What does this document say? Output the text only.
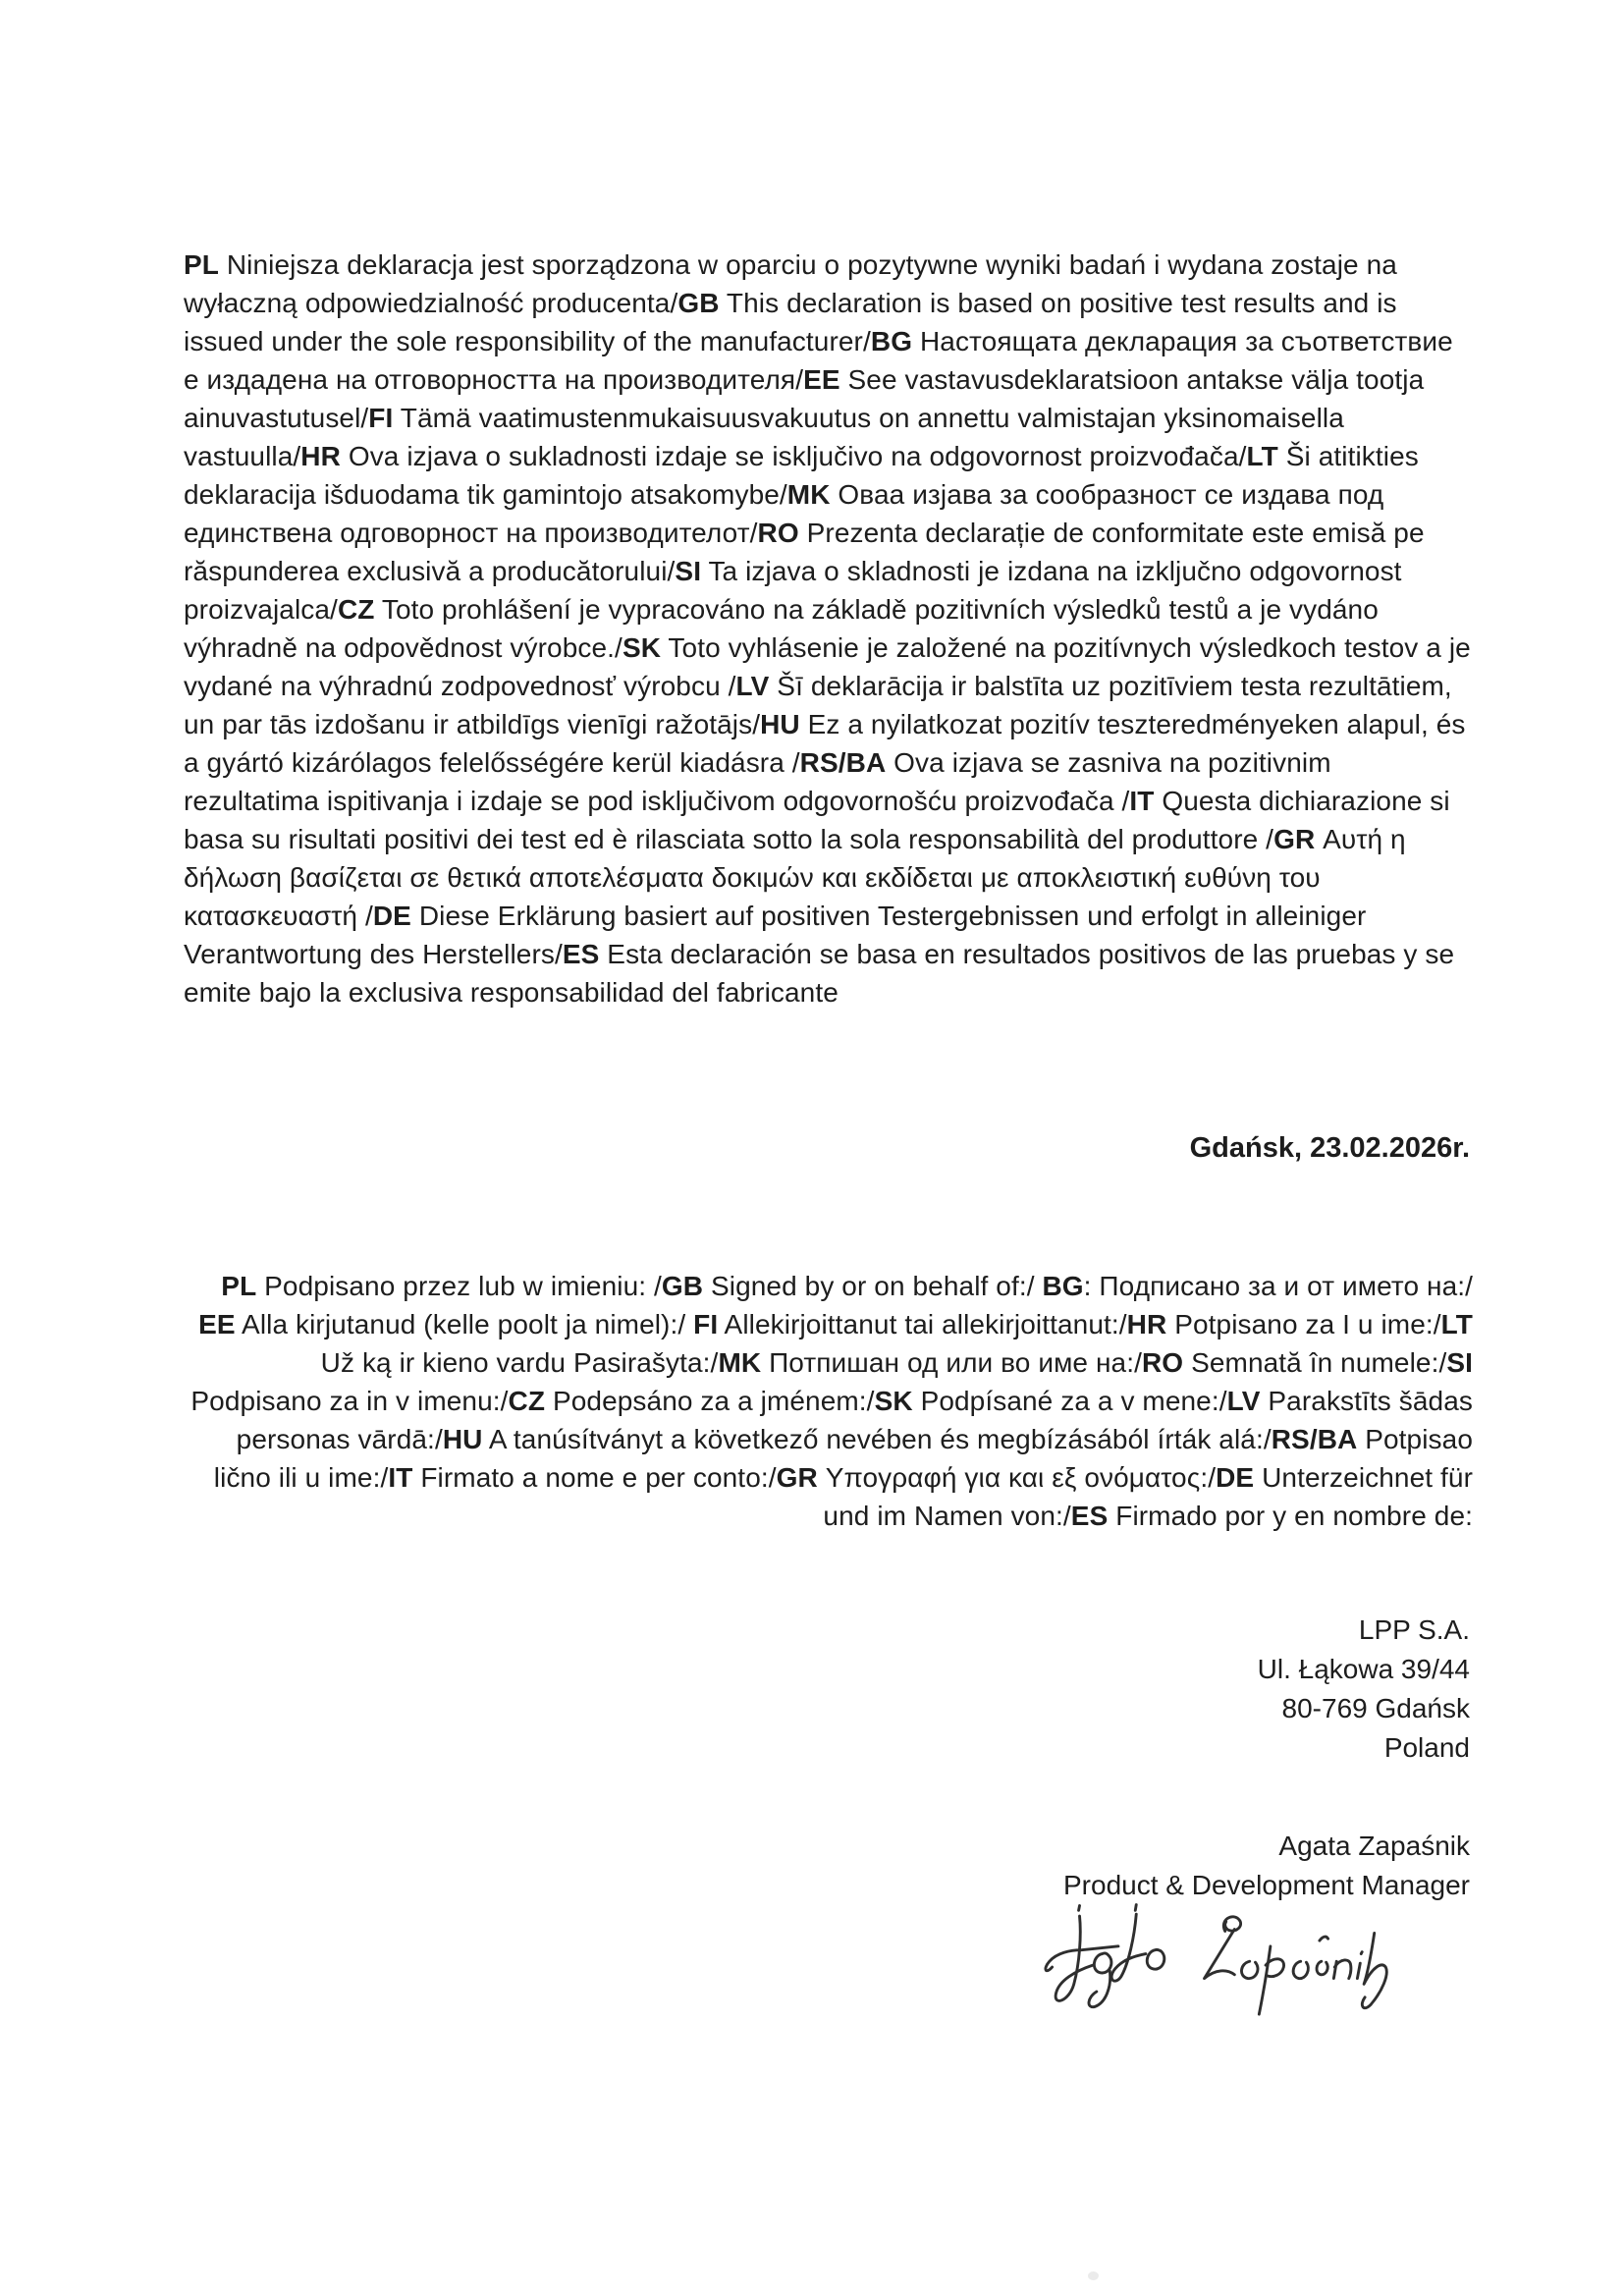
PL Niniejsza deklaracja jest sporządzona w oparciu o pozytywne wyniki badań i wydana zostaje na wyłaczną odpowiedzialność producenta/GB This declaration is based on positive test results and is issued under the sole responsibility of the manufacturer/BG Настоящата декларация за съответствие е издадена на отговорността на производителя/EE See vastavusdeklaratsioon antakse välja tootja ainuvastutusel/FI Tämä vaatimustenmukaisuusvakuutus on annettu valmistajan yksinomaisella vastuulla/HR Ova izjava o sukladnosti izdaje se isključivo na odgovornost proizvođača/LT Ši atitikties deklaracija išduodama tik gamintojo atsakomybe/MK Оваа изјава за сообразност се издава под единствена одговорност на производителот/RO Prezenta declarație de conformitate este emisă pe răspunderea exclusivă a producătorului/SI Ta izjava o skladnosti je izdana na izključno odgovornost proizvajalca/CZ Toto prohlášení je vypracováno na základě pozitivních výsledků testů a je vydáno výhradně na odpovědnost výrobce./SK Toto vyhlásenie je založené na pozitívnych výsledkoch testov a je vydané na výhradnú zodpovednosť výrobcu /LV Šī deklarācija ir balstīta uz pozitīviem testa rezultātiem, un par tās izdošanu ir atbildīgs vienīgi ražotājs/HU Ez a nyilatkozat pozitív teszteredményeken alapul, és a gyártó kizárólagos felelősségére kerül kiadásra /RS/BA Ova izjava se zasniva na pozitivnim rezultatima ispitivanja i izdaje se pod isključivom odgovornošću proizvođača /IT Questa dichiarazione si basa su risultati positivi dei test ed è rilasciata sotto la sola responsabilità del produttore /GR Αυτή η δήλωση βασίζεται σε θετικά αποτελέσματα δοκιμών και εκδίδεται με αποκλειστική ευθύνη του κατασκευαστή /DE Diese Erklärung basiert auf positiven Testergebnissen und erfolgt in alleiniger Verantwortung des Herstellers/ES Esta declaración se basa en resultados positivos de las pruebas y se emite bajo la exclusiva responsabilidad del fabricante

Gdańsk, 23.02.2026r.

PL Podpisano przez lub w imieniu: /GB Signed by or on behalf of:/ BG: Подписано за и от името на:/ EE Alla kirjutanud (kelle poolt ja nimel):/ FI Allekirjoittanut tai allekirjoittanut:/HR Potpisano za I u ime:/LT Už ką ir kieno vardu Pasirašyta:/MK Потпишан од или во име на:/RO Semnată în numele:/SI Podpisano za in v imenu:/CZ Podepsáno za a jménem:/SK Podpísané za a v mene:/LV Parakstīts šādas personas vārdā:/HU A tanúsítványt a következő nevében és megbízásából írták alá:/RS/BA Potpisao lično ili u ime:/IT Firmato a nome e per conto:/GR Υπογραφή για και εξ ονόματος:/DE Unterzeichnet für und im Namen von:/ES Firmado por y en nombre de:

LPP S.A.
Ul. Łąkowa 39/44
80-769 Gdańsk
Poland
Agata Zapaśnik
Product & Development Manager
